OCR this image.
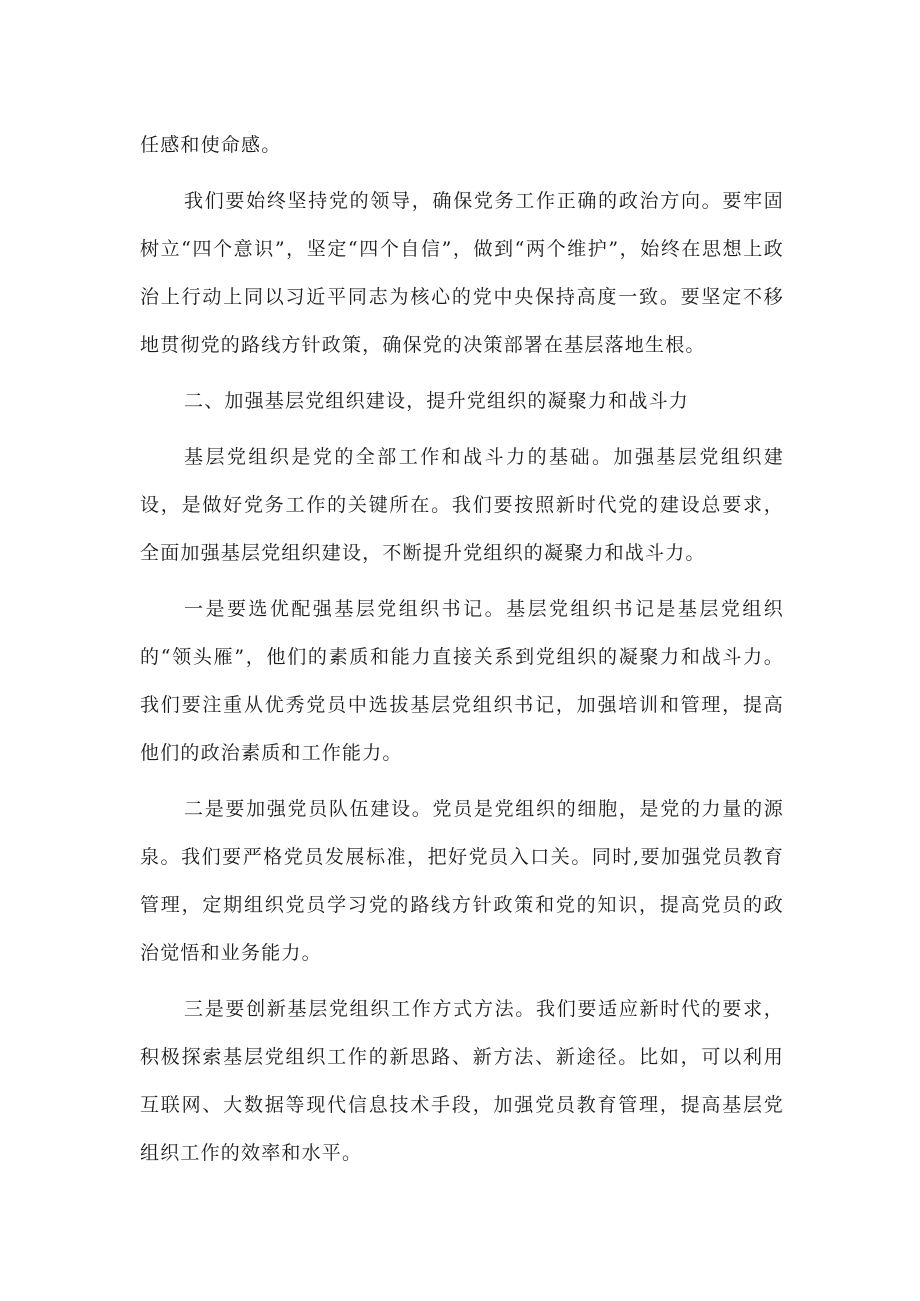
任感和使命感。

我们要始终坚持党的领导，确保党务工作正确的政治方向。要牢固树立“四个意识”，坚定“四个自信”，做到“两个维护”，始终在思想上政治上行动上同以习近平同志为核心的党中央保持高度一致。要坚定不移地贯彻党的路线方针政策，确保党的决策部署在基层落地生根。

二、加强基层党组织建设，提升党组织的凝聚力和战斗力

基层党组织是党的全部工作和战斗力的基础。加强基层党组织建设，是做好党务工作的关键所在。我们要按照新时代党的建设总要求，全面加强基层党组织建设，不断提升党组织的凝聚力和战斗力。

一是要选优配强基层党组织书记。基层党组织书记是基层党组织的“领头雁”，他们的素质和能力直接关系到党组织的凝聚力和战斗力。我们要注重从优秀党员中选拔基层党组织书记，加强培训和管理，提高他们的政治素质和工作能力。

二是要加强党员队伍建设。党员是党组织的细胞，是党的力量的源泉。我们要严格党员发展标准，把好党员入口关。同时,要加强党员教育管理，定期组织党员学习党的路线方针政策和党的知识，提高党员的政治觉悟和业务能力。

三是要创新基层党组织工作方式方法。我们要适应新时代的要求，积极探索基层党组织工作的新思路、新方法、新途径。比如，可以利用互联网、大数据等现代信息技术手段，加强党员教育管理，提高基层党组织工作的效率和水平。
